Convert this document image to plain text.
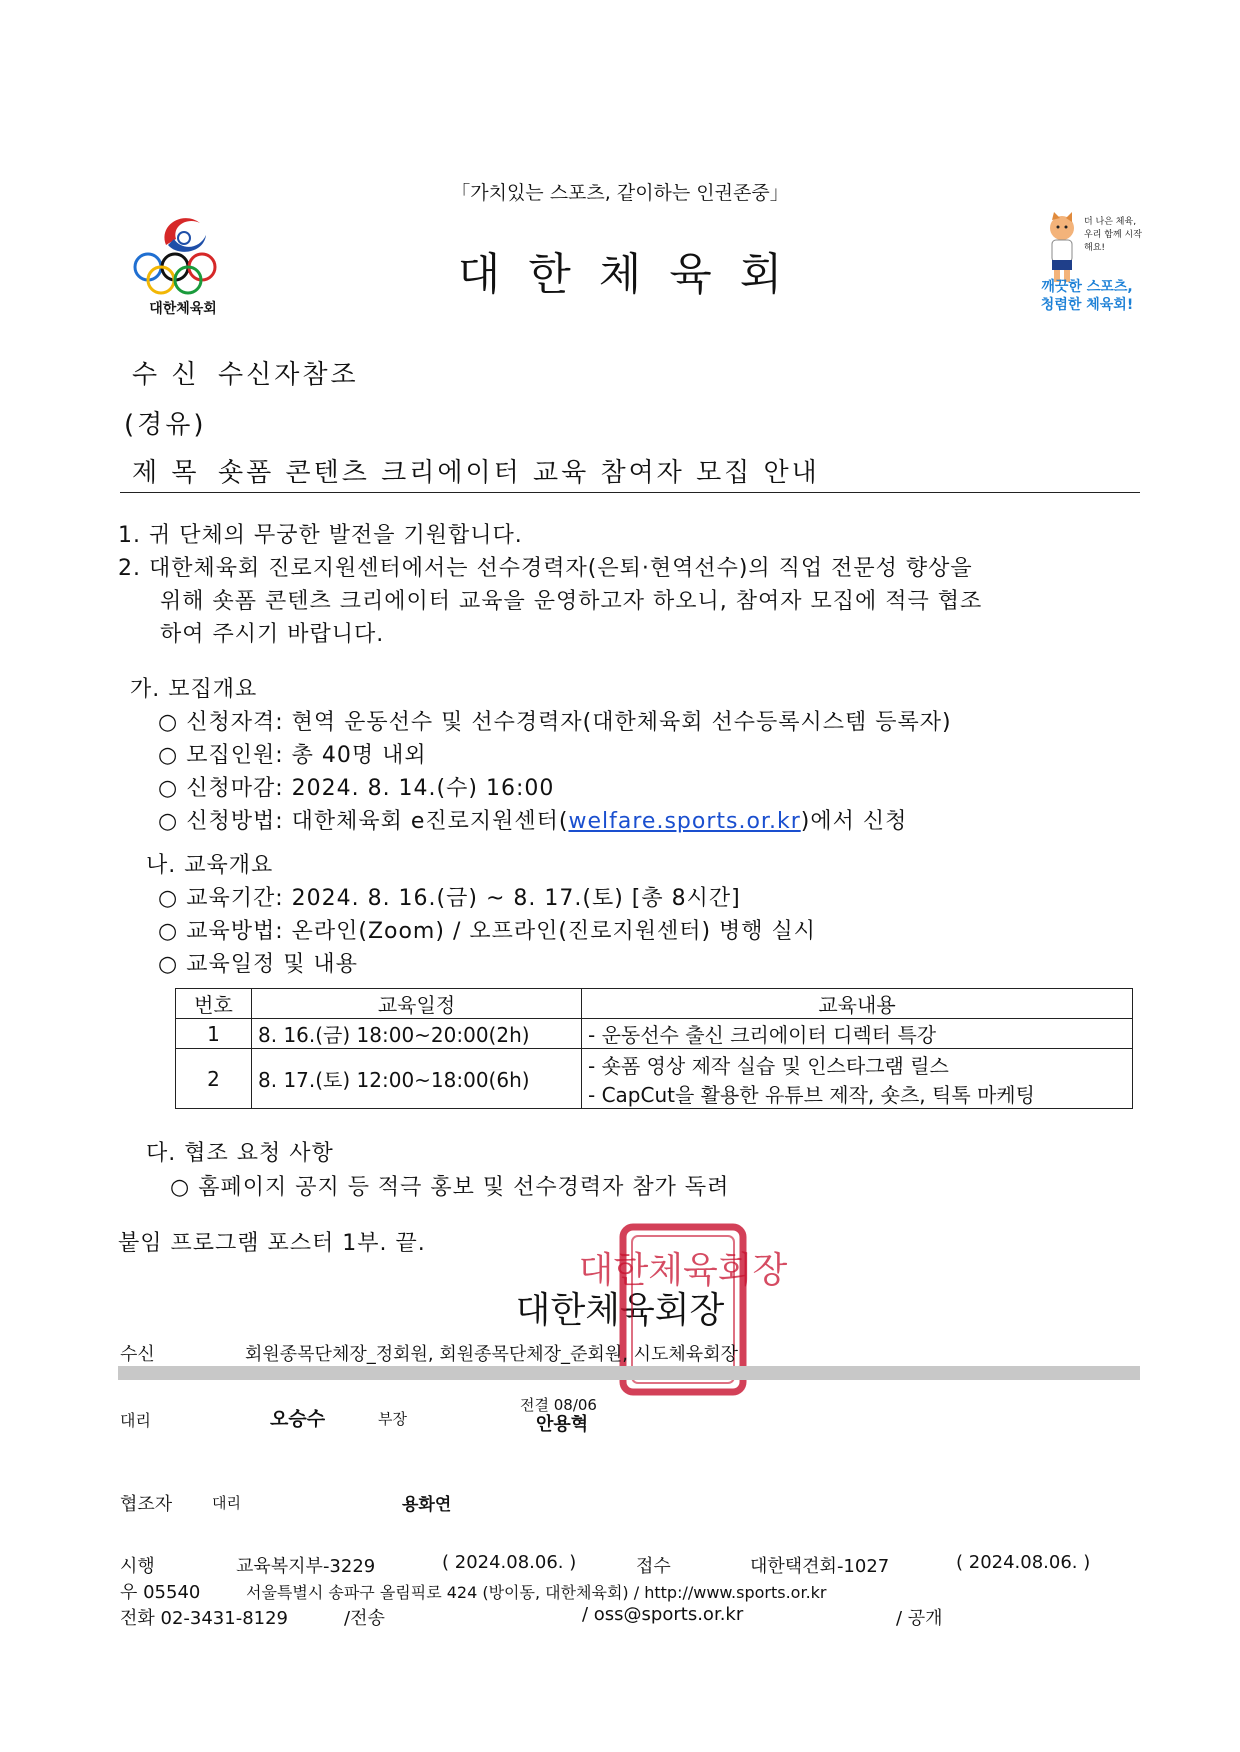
「가치있는 스포츠, 같이하는 인권존중」
대한체육회
대한체육회
더 나은 체육, 우리 함께 시작해요!
깨끗한 스포츠,
청렴한 체육회!
수 신 수신자참조
(경유)
제 목 숏폼 콘텐츠 크리에이터 교육 참여자 모집 안내
1. 귀 단체의 무궁한 발전을 기원합니다.
2. 대한체육회 진로지원센터에서는 선수경력자(은퇴·현역선수)의 직업 전문성 향상을
위해 숏폼 콘텐츠 크리에이터 교육을 운영하고자 하오니, 참여자 모집에 적극 협조
하여 주시기 바랍니다.
가. 모집개요
○ 신청자격: 현역 운동선수 및 선수경력자(대한체육회 선수등록시스템 등록자)
○ 모집인원: 총 40명 내외
○ 신청마감: 2024. 8. 14.(수) 16:00
○ 신청방법: 대한체육회 e진로지원센터(welfare.sports.or.kr)에서 신청
나. 교육개요
○ 교육기간: 2024. 8. 16.(금) ~ 8. 17.(토) [총 8시간]
○ 교육방법: 온라인(Zoom) / 오프라인(진로지원센터) 병행 실시
○ 교육일정 및 내용
번호	교육일정	교육내용
1	8. 16.(금) 18:00~20:00(2h)	- 운동선수 출신 크리에이터 디렉터 특강
2	8. 17.(토) 12:00~18:00(6h)	- 숏폼 영상 제작 실습 및 인스타그램 릴스
- CapCut을 활용한 유튜브 제작, 숏츠, 틱톡 마케팅
다. 협조 요청 사항
○ 홈페이지 공지 등 적극 홍보 및 선수경력자 참가 독려
붙임 프로그램 포스터 1부. 끝.
대한체육회장
대한체육회장
수신	회원종목단체장_정회원, 회원종목단체장_준회원, 시도체육회장
대리	오승수	부장
전결 08/06
안용혁
협조자	대리	용화연
시행	교육복지부-3229	( 2024.08.06. )	접수	대한택견회-1027	( 2024.08.06. )
우 05540	서울특별시 송파구 올림픽로 424 (방이동, 대한체육회) / http://www.sports.or.kr
전화 02-3431-8129	/전송	/ oss@sports.or.kr	/ 공개
